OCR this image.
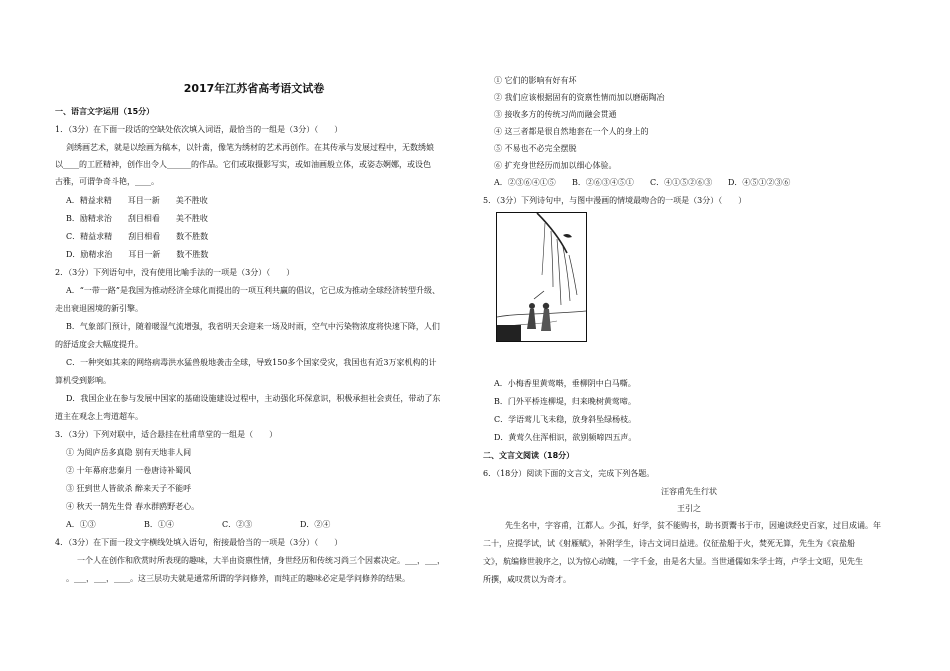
2017年江苏省高考语文试卷
一、语言文字运用（15分）
1．（3分）在下面一段话的空缺处依次填入词语，最恰当的一组是（3分）（　　）
剑绣画艺术，就是以绘画为稿本，以针黹，像笔为绣材的艺术再创作。在其传承与发展过程中，无数绣娘
以____的工匠精神，创作出令人______的作品。它们或取摄影写实，或如油画般立体，或姿态婀娜，或设色
古雅，可谓争奇斗艳，____。
A．精益求精　　耳目一新　　美不胜收
B．励精求治　　刮目相看　　美不胜收
C．精益求精　　刮目相看　　数不胜数
D．励精求治　　耳目一新　　数不胜数
2．（3分）下列语句中，没有使用比喻手法的一项是（3分）（　　）
A．“一带一路”是我国为推动经济全球化而提出的一项互利共赢的倡议，它已成为推动全球经济转型升级、
走出衰退困境的新引擎。
B．气象部门预计，随着暖湿气流增强，我省明天会迎来一场及时雨，空气中污染物浓度将快速下降，人们
的舒适度会大幅度提升。
C．一种突如其来的网络病毒洪水猛兽般地袭击全球，导致150多个国家受灾，我国也有近3万家机构的计
算机受到影响。
D．我国企业在参与发展中国家的基础设施建设过程中，主动强化环保意识，积极承担社会责任，带动了东
道主在观念上弯道超车。
3．（3分）下列对联中，适合悬挂在杜甫草堂的一组是（　　）
① 为阅庐岳多真隐 别有天地非人间
② 十年幕府悲秦月 一卷唐诗补蜀风
③ 狂到世人皆欲杀 醉来天子不能呼
④ 秋天一鹄先生骨 春水群鸥野老心。
4．（3分）在下面一段文字横线处填入语句，衔接最恰当的一项是（3分）（　　）
一个人在创作和欣赏时所表现的趣味，大半由资禀性情，身世经历和传统习尚三个因素决定。___，___，
。___，___，____。这三层功夫就是通常所谓的学问修养，而纯正的趣味必定是学问修养的结果。
A．①③	B．①④	C．②③	D．②④
① 它们的影响有好有坏
② 我们应该根据固有的资禀性情而加以磨砺陶冶
③ 接收多方的传统习尚而融会贯通
④ 这三者都是很自然地套在一个人的身上的
⑤ 不易也不必完全摆脱
⑥ 扩充身世经历而加以细心体验。
5．（3分）下列诗句中，与图中漫画的情境最吻合的一项是（3分）（　　）
A．小梅香里黄莺啭，垂柳阴中白马嘶。
B．门外平桥连柳堤，归来晚树黄莺啼。
C．学语莺儿飞未稳，放身斜坠绿杨枝。
D．黄莺久住浑相识，欲别频啼四五声。
二、文言文阅读（18分）
6．（18分）阅读下面的文言文，完成下列各题。
汪容甫先生行状
王引之
先生名中，字容甫，江都人。少孤，好学，贫不能购书，助书贾鬻书于市，因遍读经史百家，过目成诵。年
二十，应提学试，试《射雁赋》，补附学生，诗古文词日益进。仪征盐船于火，焚死无算，先生为《哀盐船
文》，航编修世骏序之，以为惊心动魄，一字千金，由是名大显。当世通儒如朱学士筠，卢学士文昭，见先生
所撰，咸叹赏以为奇才。
A．②③⑥④①⑤ B．②⑥③④⑤① C．④①⑤②⑥③ D．④⑤①②③⑥
